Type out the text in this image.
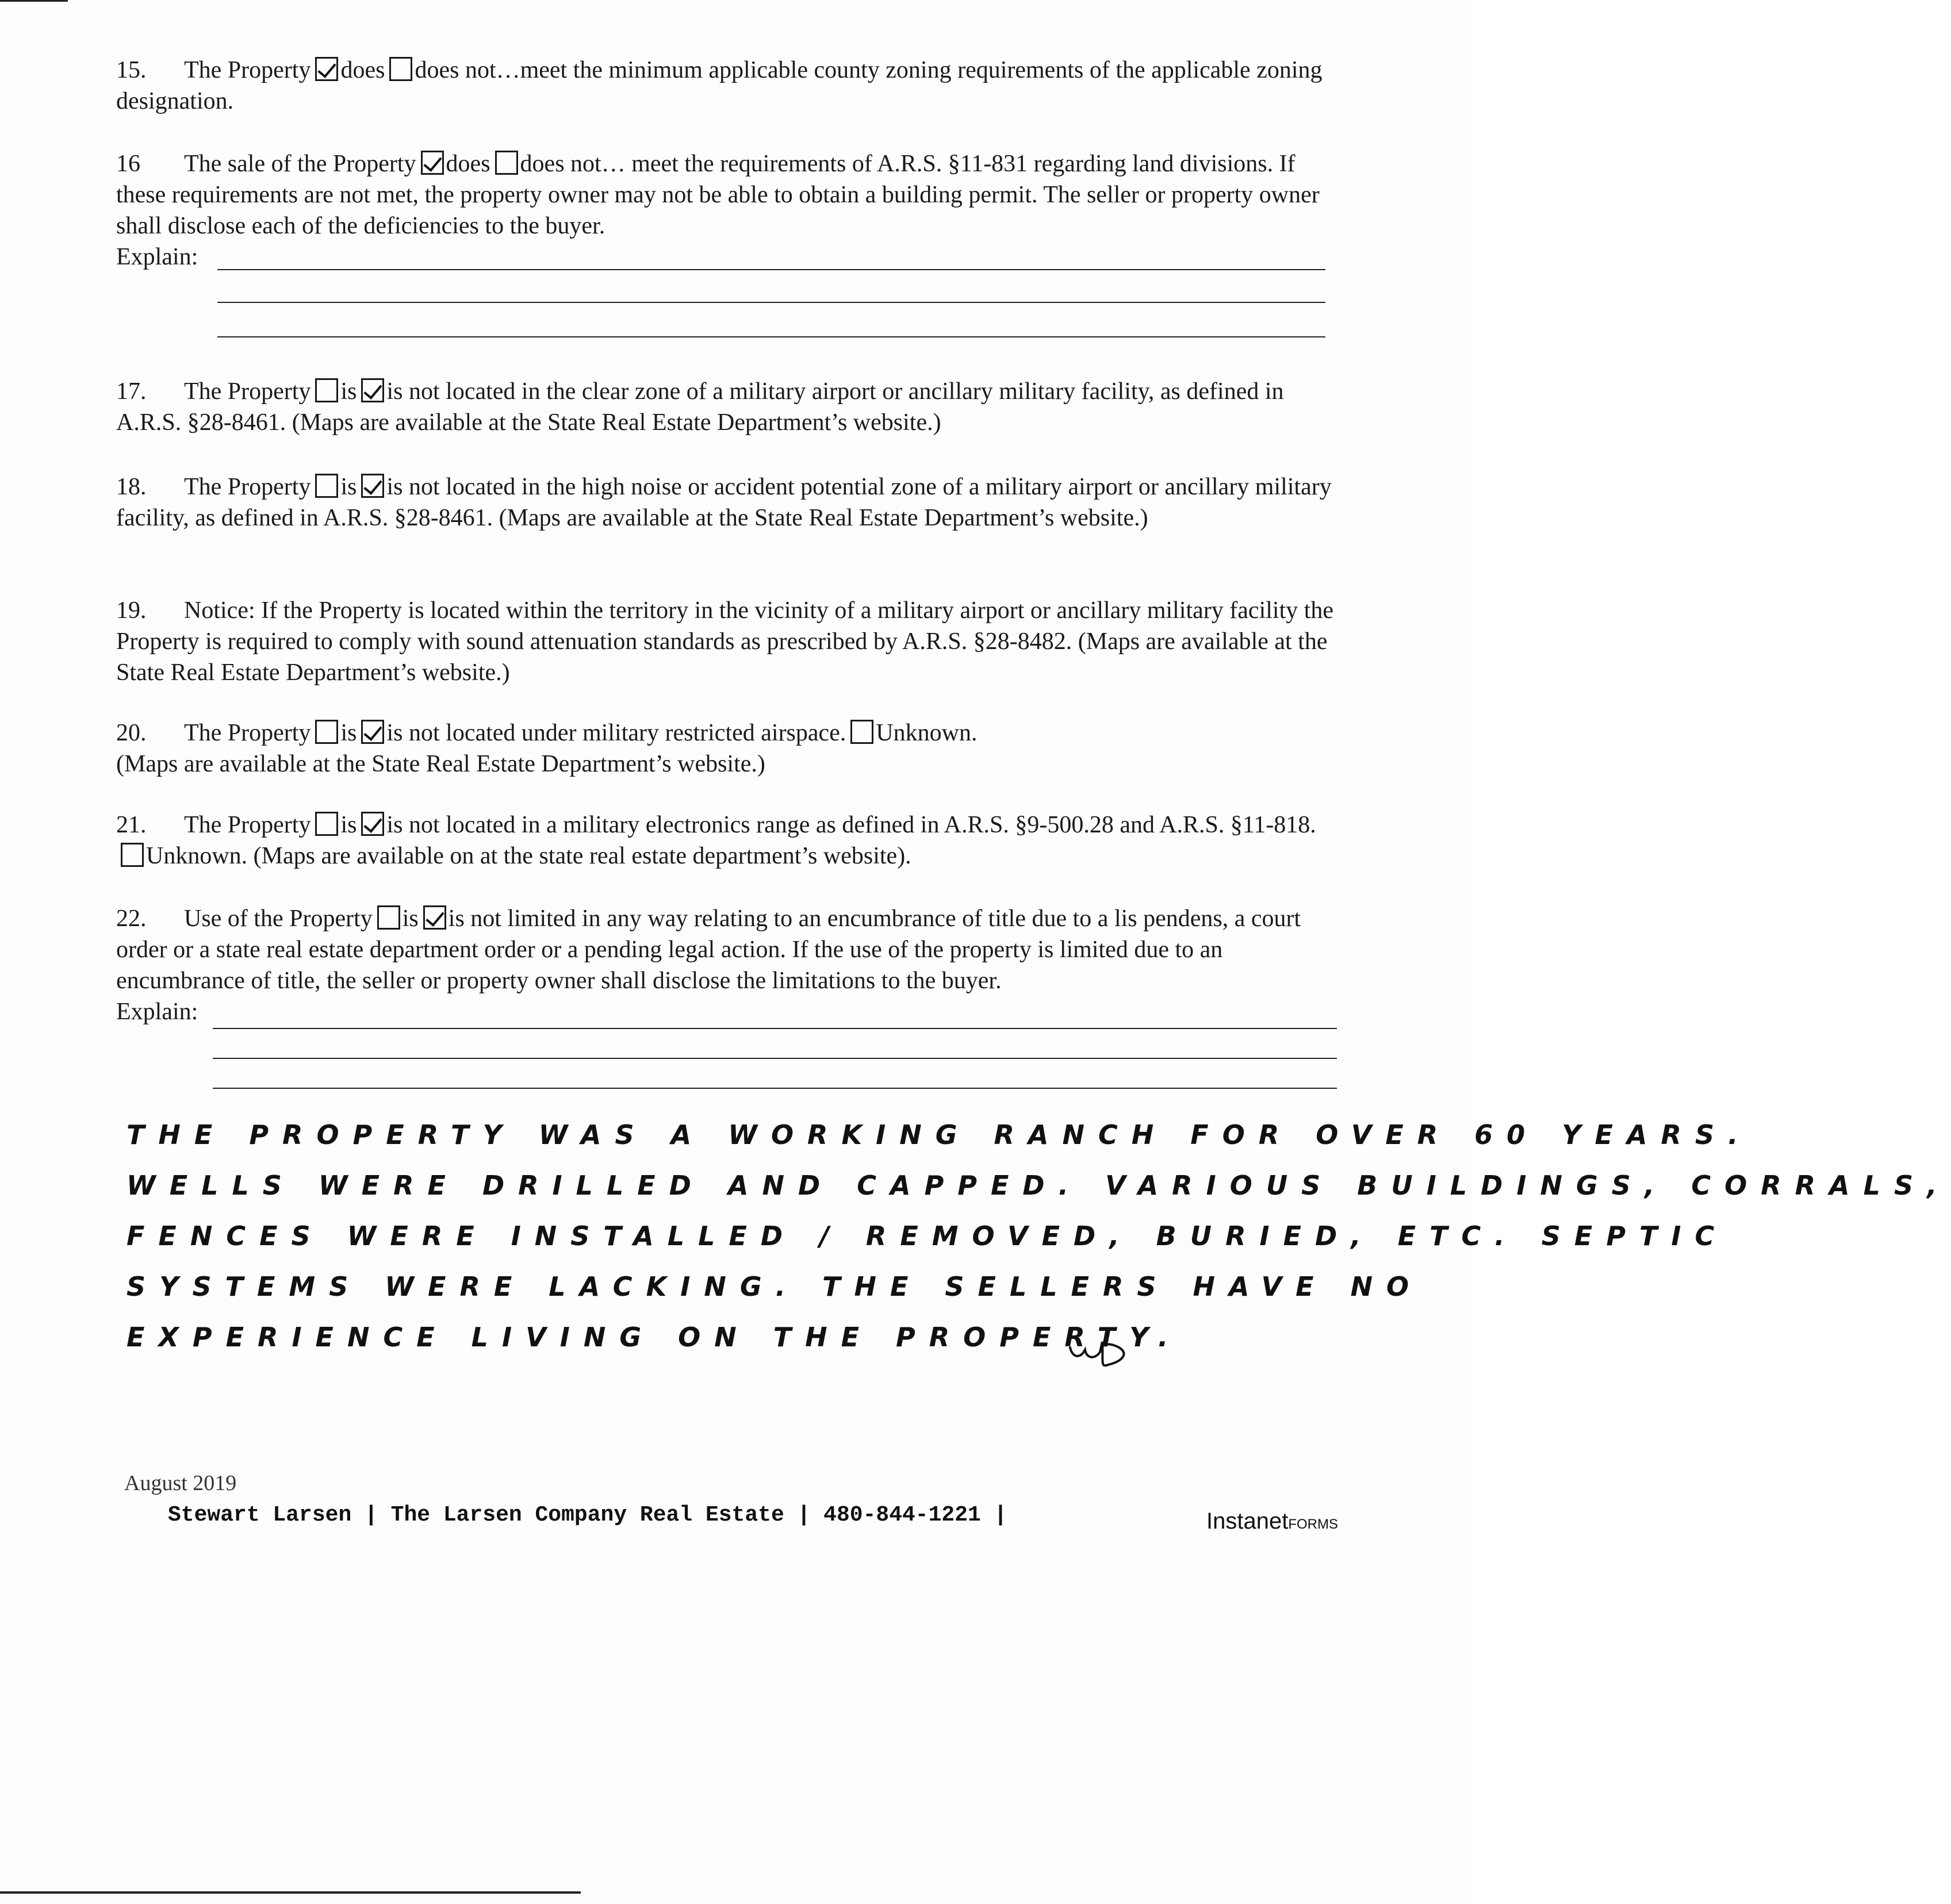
15. The Property does does not…meet the minimum applicable county zoning requirements of the applicable zoning designation.

16 The sale of the Property does does not… meet the requirements of A.R.S. §11-831 regarding land divisions. If these requirements are not met, the property owner may not be able to obtain a building permit. The seller or property owner shall disclose each of the deficiencies to the buyer.

Explain:

17. The Property is is not located in the clear zone of a military airport or ancillary military facility, as defined in A.R.S. §28-8461. (Maps are available at the State Real Estate Department’s website.)

18. The Property is is not located in the high noise or accident potential zone of a military airport or ancillary military facility, as defined in A.R.S. §28-8461. (Maps are available at the State Real Estate Department’s website.)

19. Notice: If the Property is located within the territory in the vicinity of a military airport or ancillary military facility the Property is required to comply with sound attenuation standards as prescribed by A.R.S. §28-8482. (Maps are available at the State Real Estate Department’s website.)

20. The Property is is not located under military restricted airspace. Unknown.

(Maps are available at the State Real Estate Department’s website.)

21. The Property is is not located in a military electronics range as defined in A.R.S. §9-500.28 and A.R.S. §11-818.Unknown. (Maps are available on at the state real estate department’s website).

22. Use of the Property is is not limited in any way relating to an encumbrance of title due to a lis pendens, a court order or a state real estate department order or a pending legal action. If the use of the property is limited due to an encumbrance of title, the seller or property owner shall disclose the limitations to the buyer.

Explain:

THE PROPERTY WAS A WORKING RANCH FOR OVER 60 YEARS.

WELLS WERE DRILLED AND CAPPED. VARIOUS BUILDINGS, CORRALS,

FENCES WERE INSTALLED / REMOVED, BURIED, ETC. SEPTIC

SYSTEMS WERE LACKING. THE SELLERS HAVE NO

EXPERIENCE LIVING ON THE PROPERTY.

August 2019
Stewart Larsen | The Larsen Company Real Estate | 480-844-1221 |	InstanetFORMS
